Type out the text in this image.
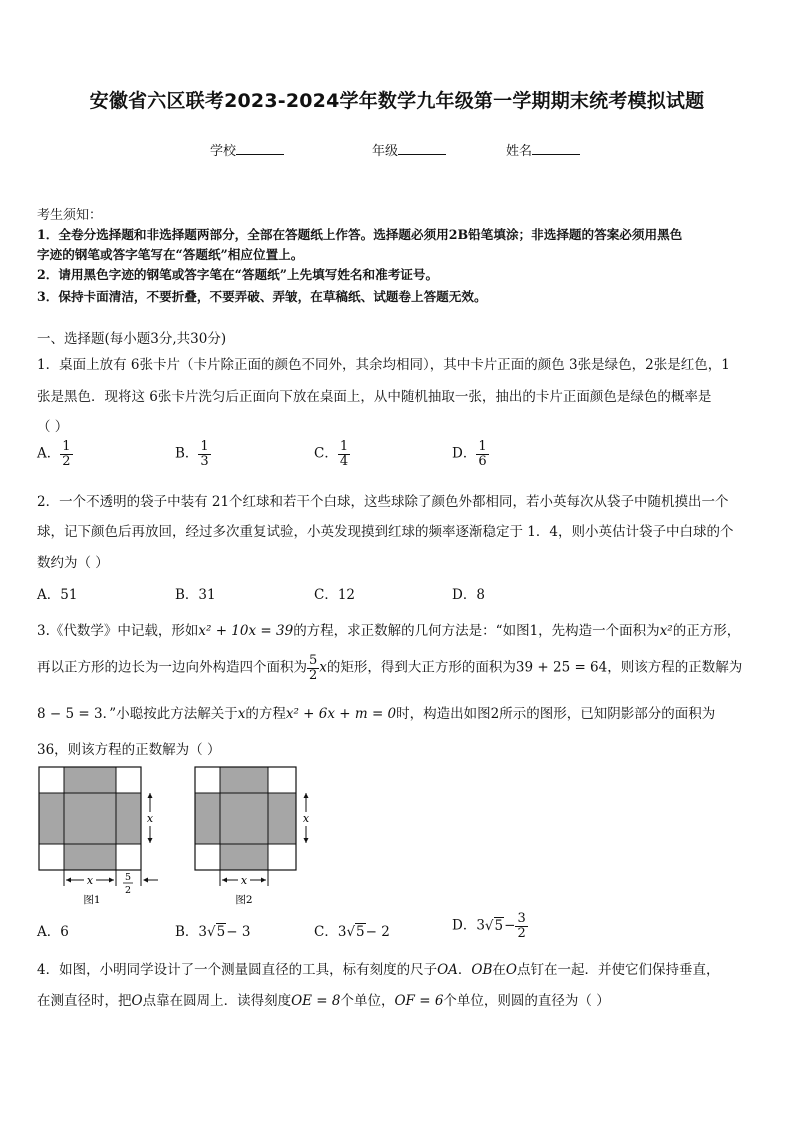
安徽省六区联考2023-2024学年数学九年级第一学期期末统考模拟试题
学校	年级	姓名
考生须知：
1．全卷分选择题和非选择题两部分，全部在答题纸上作答。选择题必须用2B铅笔填涂；非选择题的答案必须用黑色
字迹的钢笔或答字笔写在“答题纸”相应位置上。
2．请用黑色字迹的钢笔或答字笔在“答题纸”上先填写姓名和准考证号。
3．保持卡面清洁，不要折叠，不要弄破、弄皱，在草稿纸、试题卷上答题无效。
一、选择题(每小题3分,共30分)
1．桌面上放有 6张卡片（卡片除正面的颜色不同外，其余均相同），其中卡片正面的颜色 3张是绿色，2张是红色，1
张是黑色．现将这 6张卡片洗匀后正面向下放在桌面上，从中随机抽取一张，抽出的卡片正面颜色是绿色的概率是
（ ）
A． $\frac{1}{2}$	B． $\frac{1}{3}$	C． $\frac{1}{4}$	D． $\frac{1}{6}$
2．一个不透明的袋子中装有 21个红球和若干个白球，这些球除了颜色外都相同，若小英每次从袋子中随机摸出一个
球，记下颜色后再放回，经过多次重复试验，小英发现摸到红球的频率逐渐稳定于 1．4，则小英估计袋子中白球的个
数约为（ ）
A．51	B．31	C．12	D．8
3.《代数学》中记载，形如x² + 10x = 39的方程，求正数解的几何方法是：“如图1，先构造一个面积为x²的正方形，
再以正方形的边长为一边向外构造四个面积为 $\frac{5}{2}$ x的矩形，得到大正方形的面积为39 + 25 = 64，则该方程的正数解为
8 − 5 = 3．”小聪按此方法解关于x的方程x² + 6x + m = 0时，构造出如图2所示的图形，已知阴影部分的面积为
36，则该方程的正数解为（ ）
x	5
2
图1
x
图2
x	x
A．6	B．3√5− 3	C．3√5− 2	D．$3√5- \frac{3}{2}$
4．如图，小明同学设计了一个测量圆直径的工具，标有刻度的尺子OA．OB在O点钉在一起．并使它们保持垂直，
在测直径时，把O点靠在圆周上．读得刻度OE = 8个单位，OF = 6个单位，则圆的直径为（ ）
